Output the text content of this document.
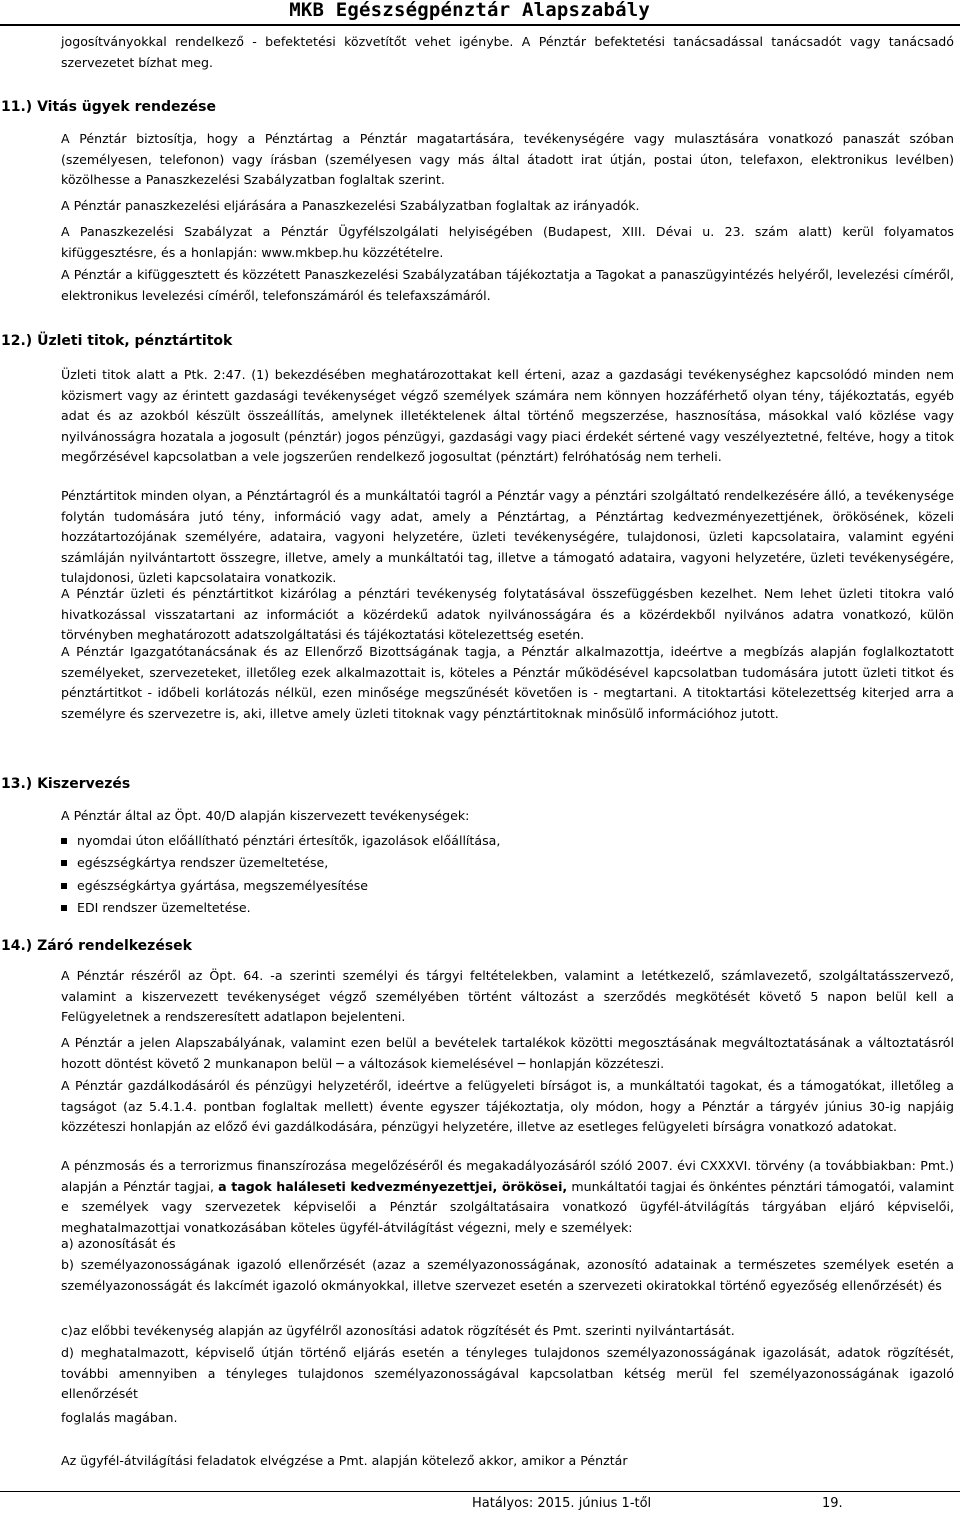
MKB Egészségpénztár Alapszabály

jogosítványokkal rendelkező - befektetési közvetítőt vehet igénybe. A Pénztár befektetési tanácsadással tanácsadót vagy tanácsadó szervezetet bízhat meg.

11.) Vitás ügyek rendezése

A Pénztár biztosítja, hogy a Pénztártag a Pénztár magatartására, tevékenységére vagy mulasztására vonatkozó panaszát szóban (személyesen, telefonon) vagy írásban (személyesen vagy más által átadott irat útján, postai úton, telefaxon, elektronikus levélben) közölhesse a Panaszkezelési Szabályzatban foglaltak szerint.

A Pénztár panaszkezelési eljárására a Panaszkezelési Szabályzatban foglaltak az irányadók.

A Panaszkezelési Szabályzat a Pénztár Ügyfélszolgálati helyiségében (Budapest, XIII. Dévai u. 23. szám alatt) kerül folyamatos kifüggesztésre, és a honlapján: www.mkbep.hu közzétételre.

A Pénztár a kifüggesztett és közzétett Panaszkezelési Szabályzatában tájékoztatja a Tagokat a panaszügyintézés helyéről, levelezési címéről, elektronikus levelezési címéről, telefonszámáról és telefaxszámáról.

12.) Üzleti titok, pénztártitok

Üzleti titok alatt a Ptk. 2:47. (1) bekezdésében meghatározottakat kell érteni, azaz a gazdasági tevékenységhez kapcsolódó minden nem közismert vagy az érintett gazdasági tevékenységet végző személyek számára nem könnyen hozzáférhető olyan tény, tájékoztatás, egyéb adat és az azokból készült összeállítás, amelynek illetéktelenek által történő megszerzése, hasznosítása, másokkal való közlése vagy nyilvánosságra hozatala a jogosult (pénztár) jogos pénzügyi, gazdasági vagy piaci érdekét sértené vagy veszélyeztetné, feltéve, hogy a titok megőrzésével kapcsolatban a vele jogszerűen rendelkező jogosultat (pénztárt) felróhatóság nem terheli.

Pénztártitok minden olyan, a Pénztártagról és a munkáltatói tagról a Pénztár vagy a pénztári szolgáltató rendelkezésére álló, a tevékenysége folytán tudomására jutó tény, információ vagy adat, amely a Pénztártag, a Pénztártag kedvezményezettjének, örökösének, közeli hozzátartozójának személyére, adataira, vagyoni helyzetére, üzleti tevékenységére, tulajdonosi, üzleti kapcsolataira, valamint egyéni számláján nyilvántartott összegre, illetve, amely a munkáltatói tag, illetve a támogató adataira, vagyoni helyzetére, üzleti tevékenységére, tulajdonosi, üzleti kapcsolataira vonatkozik.

A Pénztár üzleti és pénztártitkot kizárólag a pénztári tevékenység folytatásával összefüggésben kezelhet. Nem lehet üzleti titokra való hivatkozással visszatartani az információt a közérdekű adatok nyilvánosságára és a közérdekből nyilvános adatra vonatkozó, külön törvényben meghatározott adatszolgáltatási és tájékoztatási kötelezettség esetén.

A Pénztár Igazgatótanácsának és az Ellenőrző Bizottságának tagja, a Pénztár alkalmazottja, ideértve a megbízás alapján foglalkoztatott személyeket, szervezeteket, illetőleg ezek alkalmazottait is, köteles a Pénztár működésével kapcsolatban tudomására jutott üzleti titkot és pénztártitkot - időbeli korlátozás nélkül, ezen minősége megszűnését követően is - megtartani. A titoktartási kötelezettség kiterjed arra a személyre és szervezetre is, aki, illetve amely üzleti titoknak vagy pénztártitoknak minősülő információhoz jutott.

13.) Kiszervezés

A Pénztár által az Öpt. 40/D alapján kiszervezett tevékenységek:

nyomdai úton előállítható pénztári értesítők, igazolások előállítása,
egészségkártya rendszer üzemeltetése,
egészségkártya gyártása, megszemélyesítése
EDI rendszer üzemeltetése.
14.) Záró rendelkezések

A Pénztár részéről az Öpt. 64. -a szerinti személyi és tárgyi feltételekben, valamint a letétkezelő, számlavezető, szolgáltatásszervező, valamint a kiszervezett tevékenységet végző személyében történt változást a szerződés megkötését követő 5 napon belül kell a Felügyeletnek a rendszeresített adatlapon bejelenteni.

A Pénztár a jelen Alapszabályának, valamint ezen belül a bevételek tartalékok közötti megosztásának megváltoztatásának a változtatásról hozott döntést követő 2 munkanapon belül ─ a változások kiemelésével ─ honlapján közzéteszi.

A Pénztár gazdálkodásáról és pénzügyi helyzetéről, ideértve a felügyeleti bírságot is, a munkáltatói tagokat, és a támogatókat, illetőleg a tagságot (az 5.4.1.4. pontban foglaltak mellett) évente egyszer tájékoztatja, oly módon, hogy a Pénztár a tárgyév június 30-ig napjáig közzéteszi honlapján az előző évi gazdálkodására, pénzügyi helyzetére, illetve az esetleges felügyeleti bírságra vonatkozó adatokat.

A pénzmosás és a terrorizmus finanszírozása megelőzéséről és megakadályozásáról szóló 2007. évi CXXXVI. törvény (a továbbiakban: Pmt.) alapján a Pénztár tagjai, a tagok haláleseti kedvezményezettjei, örökösei, munkáltatói tagjai és önkéntes pénztári támogatói, valamint e személyek vagy szervezetek képviselői a Pénztár szolgáltatásaira vonatkozó ügyfél-átvilágítás tárgyában eljáró képviselői, meghatalmazottjai vonatkozásában köteles ügyfél-átvilágítást végezni, mely e személyek:

a) azonosítását és

b) személyazonosságának igazoló ellenőrzését (azaz a személyazonosságának, azonosító adatainak a természetes személyek esetén a személyazonosságát és lakcímét igazoló okmányokkal, illetve szervezet esetén a szervezeti okiratokkal történő egyezőség ellenőrzését) és

c)az előbbi tevékenység alapján az ügyfélről azonosítási adatok rögzítését és Pmt. szerinti nyilvántartását.

d) meghatalmazott, képviselő útján történő eljárás esetén a tényleges tulajdonos személyazonosságának igazolását, adatok rögzítését, további amennyiben a tényleges tulajdonos személyazonosságával kapcsolatban kétség merül fel személyazonosságának igazoló ellenőrzését

foglalás magában.

Az ügyfél-átvilágítási feladatok elvégzése a Pmt. alapján kötelező akkor, amikor a Pénztár

Hatályos: 2015. június 1-től	19.
